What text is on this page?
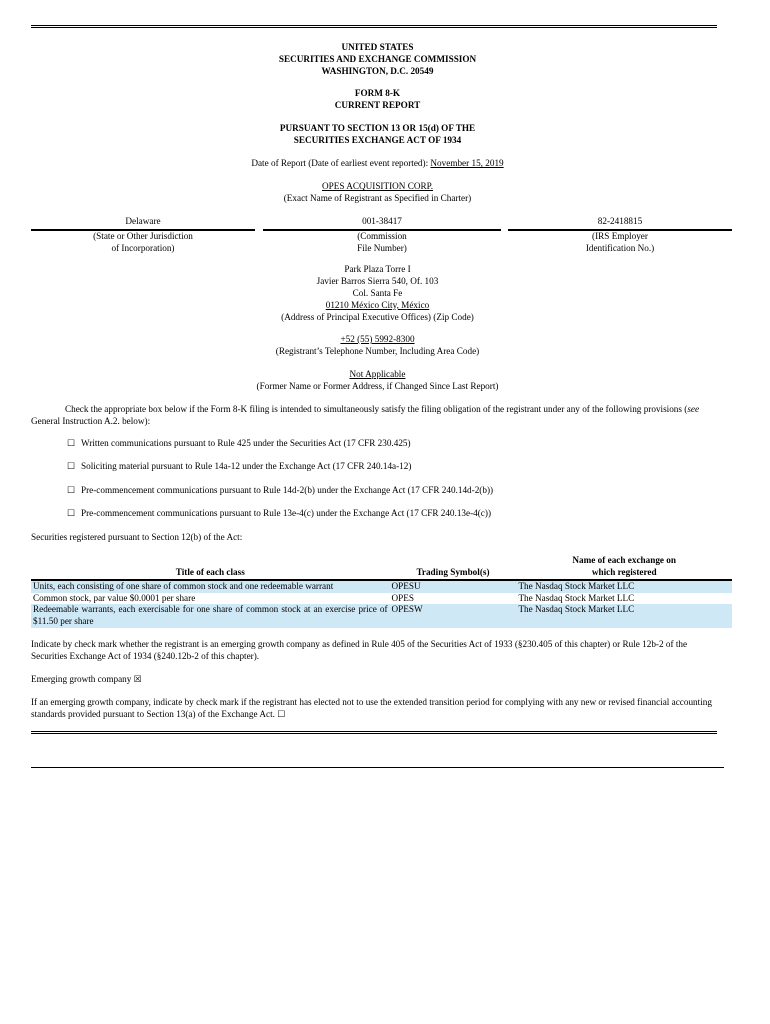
UNITED STATES
SECURITIES AND EXCHANGE COMMISSION
WASHINGTON, D.C. 20549
FORM 8-K
CURRENT REPORT
PURSUANT TO SECTION 13 OR 15(d) OF THE
SECURITIES EXCHANGE ACT OF 1934
Date of Report (Date of earliest event reported): November 15, 2019
OPES ACQUISITION CORP.
(Exact Name of Registrant as Specified in Charter)
Delaware
(State or Other Jurisdiction
of Incorporation)
001-38417
(Commission
File Number)
82-2418815
(IRS Employer
Identification No.)
Park Plaza Torre I
Javier Barros Sierra 540, Of. 103
Col. Santa Fe
01210 México City, México
(Address of Principal Executive Offices) (Zip Code)
+52 (55) 5992-8300
(Registrant’s Telephone Number, Including Area Code)
Not Applicable
(Former Name or Former Address, if Changed Since Last Report)
Check the appropriate box below if the Form 8-K filing is intended to simultaneously satisfy the filing obligation of the registrant under any of the following provisions (see General Instruction A.2. below):
☐ Written communications pursuant to Rule 425 under the Securities Act (17 CFR 230.425)
☐ Soliciting material pursuant to Rule 14a-12 under the Exchange Act (17 CFR 240.14a-12)
☐ Pre-commencement communications pursuant to Rule 14d-2(b) under the Exchange Act (17 CFR 240.14d-2(b))
☐ Pre-commencement communications pursuant to Rule 13e-4(c) under the Exchange Act (17 CFR 240.13e-4(c))
Securities registered pursuant to Section 12(b) of the Act:
Title of each class	Trading Symbol(s)	Name of each exchange on
which registered

Units, each consisting of one share of common stock and one redeemable warrant	OPESU	The Nasdaq Stock Market LLC
Common stock, par value $0.0001 per share	OPES	The Nasdaq Stock Market LLC
Redeemable warrants, each exercisable for one share of common stock at an exercise price of $11.50 per share	OPESW	The Nasdaq Stock Market LLC
Indicate by check mark whether the registrant is an emerging growth company as defined in Rule 405 of the Securities Act of 1933 (§230.405 of this chapter) or Rule 12b-2 of the Securities Exchange Act of 1934 (§240.12b-2 of this chapter).
Emerging growth company ☒
If an emerging growth company, indicate by check mark if the registrant has elected not to use the extended transition period for complying with any new or revised financial accounting standards provided pursuant to Section 13(a) of the Exchange Act. ☐
